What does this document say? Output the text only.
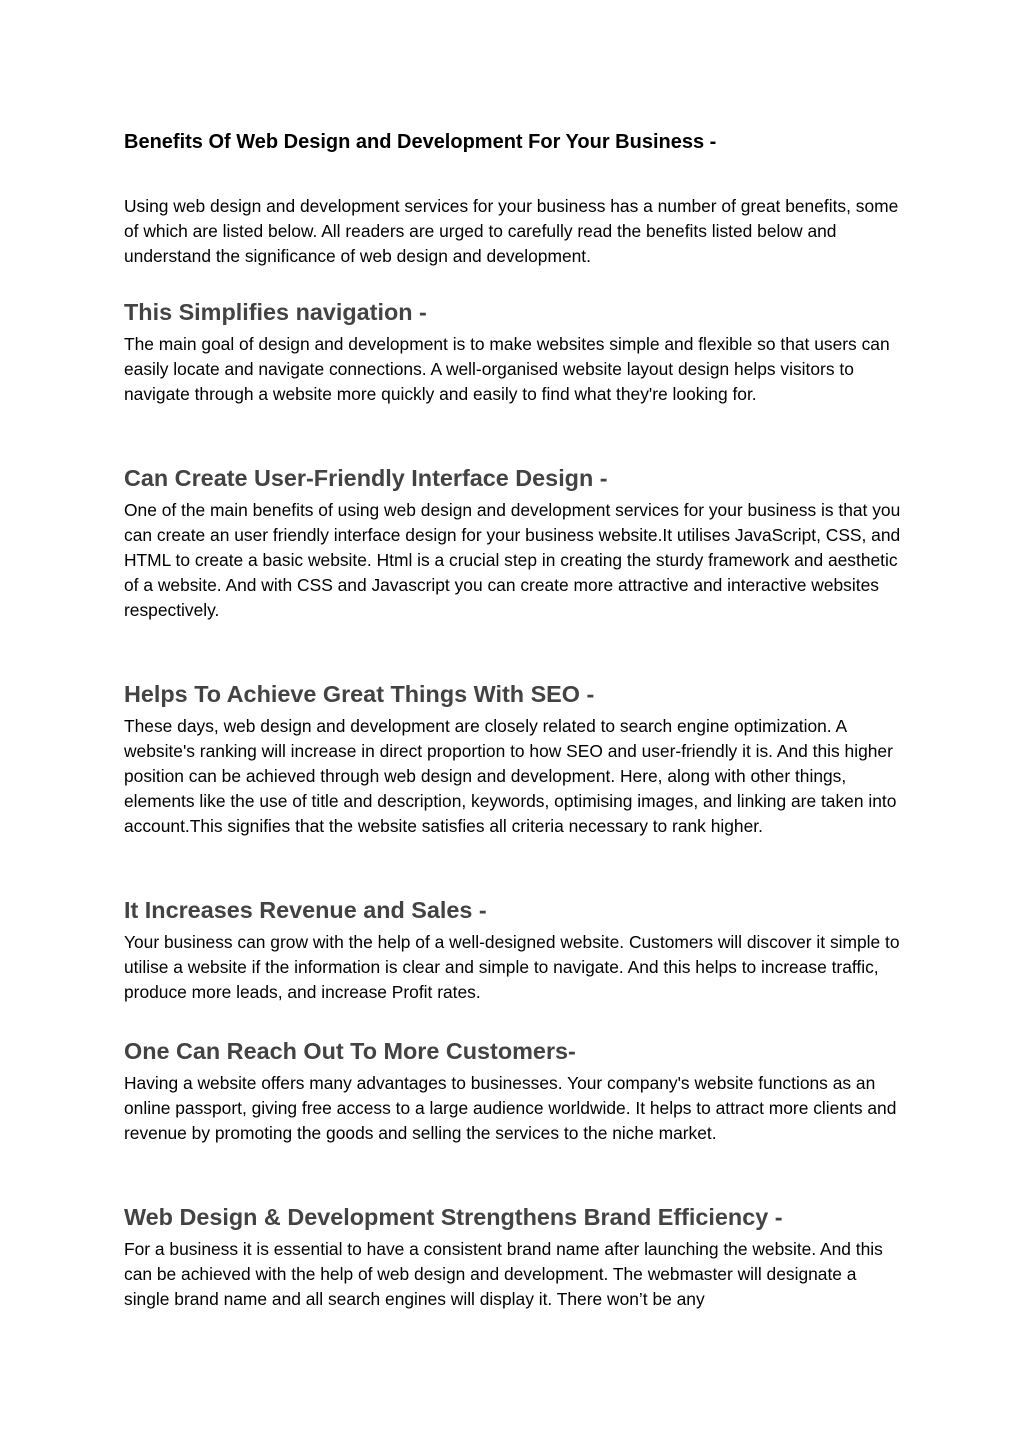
Benefits Of Web Design and Development For Your Business -

Using web design and development services for your business has a number of great benefits, some of which are listed below. All readers are urged to carefully read the benefits listed below and understand the significance of web design and development.

This Simplifies navigation -

The main goal of design and development is to make websites simple and flexible so that users can easily locate and navigate connections. A well-organised website layout design helps visitors to navigate through a website more quickly and easily to find what they're looking for.

Can Create User-Friendly Interface Design -

One of the main benefits of using web design and development services for your business is that you can create an user friendly interface design for your business website.It utilises JavaScript, CSS, and HTML to create a basic website. Html is a crucial step in creating the sturdy framework and aesthetic of a website. And with CSS and Javascript you can create more attractive and interactive websites respectively.

Helps To Achieve Great Things With SEO -

These days, web design and development are closely related to search engine optimization. A website's ranking will increase in direct proportion to how SEO and user-friendly it is. And this higher position can be achieved through web design and development. Here, along with other things, elements like the use of title and description, keywords, optimising images, and linking are taken into account.This signifies that the website satisfies all criteria necessary to rank higher.

It Increases Revenue and Sales -

Your business can grow with the help of a well-designed website. Customers will discover it simple to utilise a website if the information is clear and simple to navigate. And this helps to increase traffic, produce more leads, and increase Profit rates.

One Can Reach Out To More Customers-

Having a website offers many advantages to businesses. Your company's website functions as an online passport, giving free access to a large audience worldwide. It helps to attract more clients and revenue by promoting the goods and selling the services to the niche market.

Web Design & Development Strengthens Brand Efficiency -

For a business it is essential to have a consistent brand name after launching the website. And this can be achieved with the help of web design and development. The webmaster will designate a single brand name and all search engines will display it. There won’t be any
